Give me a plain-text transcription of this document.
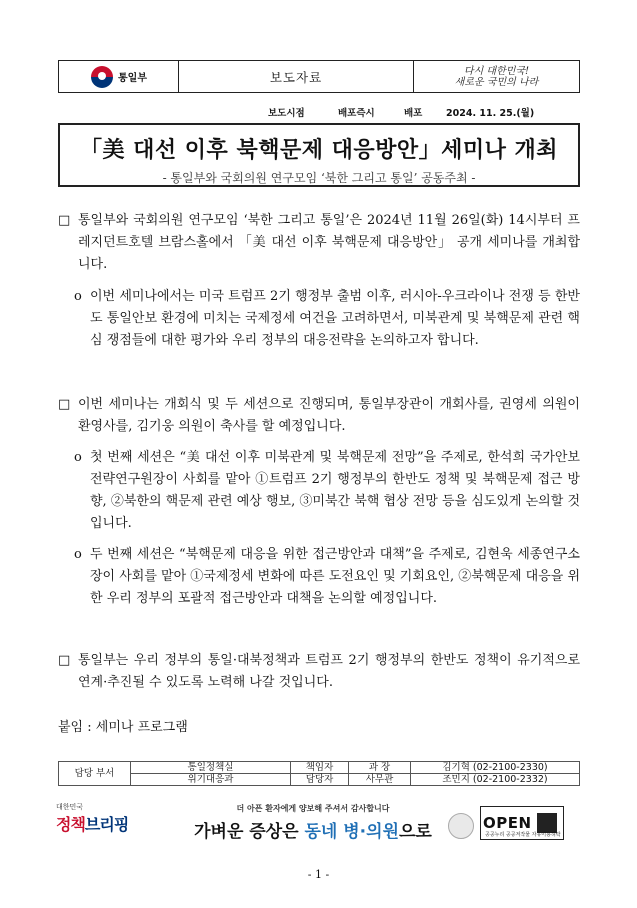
통일부	보도자료	다시 대한민국!
새로운 국민의 나라
보도시점	배포즉시	배포 2024. 11. 25.(월)
「美 대선 이후 북핵문제 대응방안」세미나 개최
- 통일부와 국회의원 연구모임 ‘북한 그리고 통일’ 공동주최 -
□ 통일부와 국회의원 연구모임 ‘북한 그리고 통일’은 2024년 11월 26일(화) 14시부터 프레지던트호텔 브람스홀에서 「美 대선 이후 북핵문제 대응방안」 공개 세미나를 개최합니다.
o 이번 세미나에서는 미국 트럼프 2기 행정부 출범 이후, 러시아-우크라이나 전쟁 등 한반도 통일안보 환경에 미치는 국제정세 여건을 고려하면서, 미북관계 및 북핵문제 관련 핵심 쟁점들에 대한 평가와 우리 정부의 대응전략을 논의하고자 합니다.
□ 이번 세미나는 개회식 및 두 세션으로 진행되며, 통일부장관이 개회사를, 권영세 의원이 환영사를, 김기웅 의원이 축사를 할 예정입니다.
o 첫 번째 세션은 “美 대선 이후 미북관계 및 북핵문제 전망”을 주제로, 한석희 국가안보전략연구원장이 사회를 맡아 ①트럼프 2기 행정부의 한반도 정책 및 북핵문제 접근 방향, ②북한의 핵문제 관련 예상 행보, ③미북간 북핵 협상 전망 등을 심도있게 논의할 것입니다.
o 두 번째 세션은 “북핵문제 대응을 위한 접근방안과 대책”을 주제로, 김현욱 세종연구소장이 사회를 맡아 ①국제정세 변화에 따른 도전요인 및 기회요인, ②북핵문제 대응을 위한 우리 정부의 포괄적 접근방안과 대책을 논의할 예정입니다.
□ 통일부는 우리 정부의 통일·대북정책과 트럼프 2기 행정부의 한반도 정책이 유기적으로 연계·추진될 수 있도록 노력해 나갈 것입니다.
붙임 : 세미나 프로그램
담당 부서	통일정책실	책임자	과 장	김기혁 (02-2100-2330)
	위기대응과	담당자	사무관	조민지 (02-2100-2332)
대한민국
정책브리핑
더 아픈 환자에게 양보해 주셔서 감사합니다
가벼운 증상은 동네 병·의원으로	OPEN
공공누리 공공저작물 자유이용허락
- 1 -
